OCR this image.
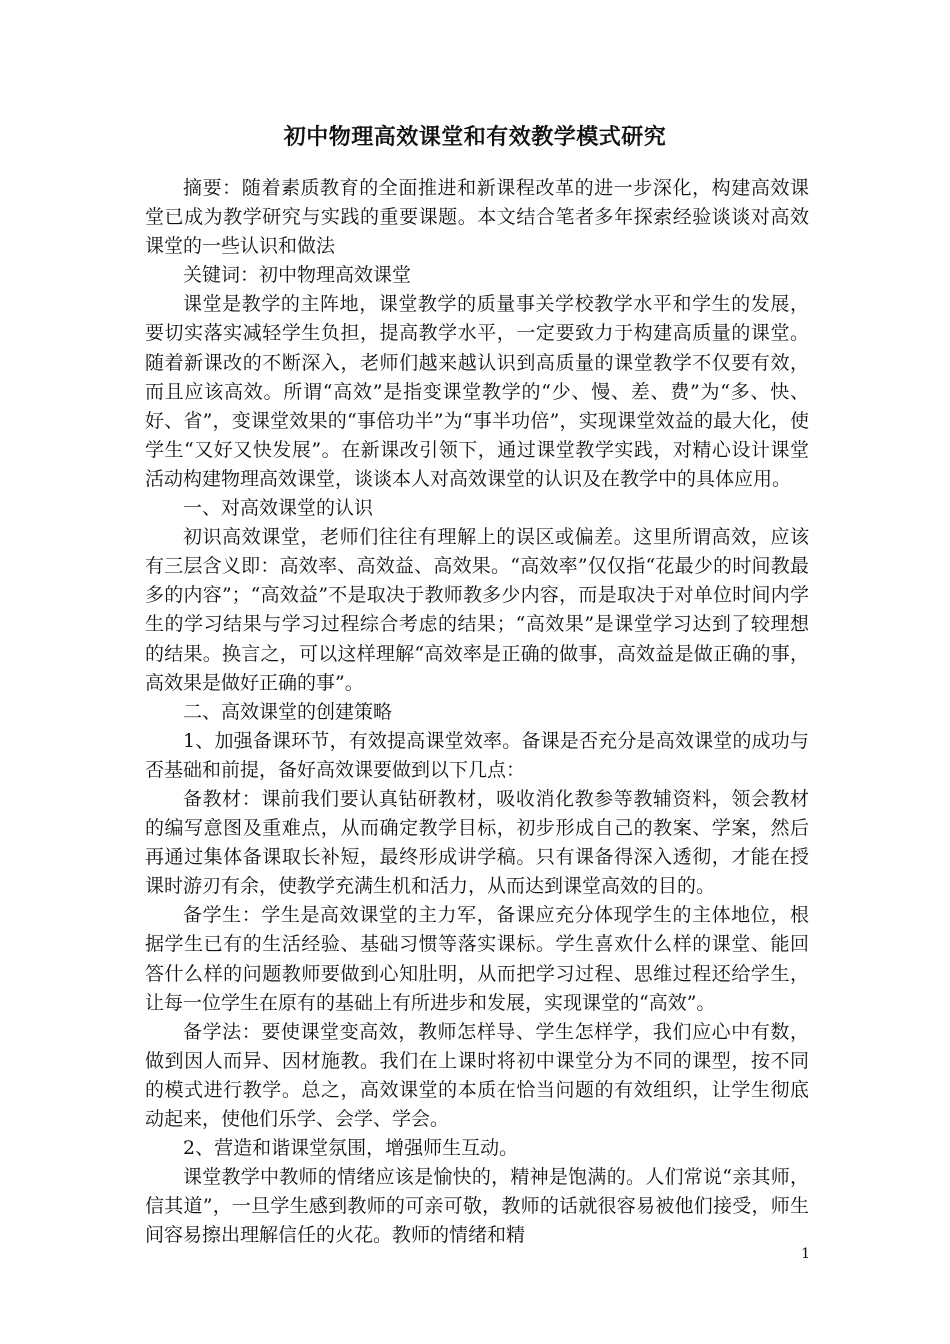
初中物理高效课堂和有效教学模式研究

摘要：随着素质教育的全面推进和新课程改革的进一步深化，构建高效课堂已成为教学研究与实践的重要课题。本文结合笔者多年探索经验谈谈对高效课堂的一些认识和做法

关键词：初中物理高效课堂

课堂是教学的主阵地，课堂教学的质量事关学校教学水平和学生的发展，要切实落实减轻学生负担，提高教学水平，一定要致力于构建高质量的课堂。随着新课改的不断深入，老师们越来越认识到高质量的课堂教学不仅要有效，而且应该高效。所谓“高效”是指变课堂教学的“少、慢、差、费”为“多、快、好、省”，变课堂效果的“事倍功半”为“事半功倍”，实现课堂效益的最大化，使学生“又好又快发展”。在新课改引领下，通过课堂教学实践，对精心设计课堂活动构建物理高效课堂，谈谈本人对高效课堂的认识及在教学中的具体应用。

一、对高效课堂的认识

初识高效课堂，老师们往往有理解上的误区或偏差。这里所谓高效，应该有三层含义即：高效率、高效益、高效果。“高效率”仅仅指“花最少的时间教最多的内容”；“高效益”不是取决于教师教多少内容，而是取决于对单位时间内学生的学习结果与学习过程综合考虑的结果；“高效果”是课堂学习达到了较理想的结果。换言之，可以这样理解“高效率是正确的做事，高效益是做正确的事，高效果是做好正确的事”。

二、高效课堂的创建策略

1、加强备课环节，有效提高课堂效率。备课是否充分是高效课堂的成功与否基础和前提，备好高效课要做到以下几点：

备教材：课前我们要认真钻研教材，吸收消化教参等教辅资料，领会教材的编写意图及重难点，从而确定教学目标，初步形成自己的教案、学案，然后再通过集体备课取长补短，最终形成讲学稿。只有课备得深入透彻，才能在授课时游刃有余，使教学充满生机和活力，从而达到课堂高效的目的。

备学生：学生是高效课堂的主力军，备课应充分体现学生的主体地位，根据学生已有的生活经验、基础习惯等落实课标。学生喜欢什么样的课堂、能回答什么样的问题教师要做到心知肚明，从而把学习过程、思维过程还给学生，让每一位学生在原有的基础上有所进步和发展，实现课堂的“高效”。

备学法：要使课堂变高效，教师怎样导、学生怎样学，我们应心中有数，做到因人而异、因材施教。我们在上课时将初中课堂分为不同的课型，按不同的模式进行教学。总之，高效课堂的本质在恰当问题的有效组织，让学生彻底动起来，使他们乐学、会学、学会。

2、营造和谐课堂氛围，增强师生互动。

课堂教学中教师的情绪应该是愉快的，精神是饱满的。人们常说“亲其师，信其道”，一旦学生感到教师的可亲可敬，教师的话就很容易被他们接受，师生间容易擦出理解信任的火花。教师的情绪和精

1
